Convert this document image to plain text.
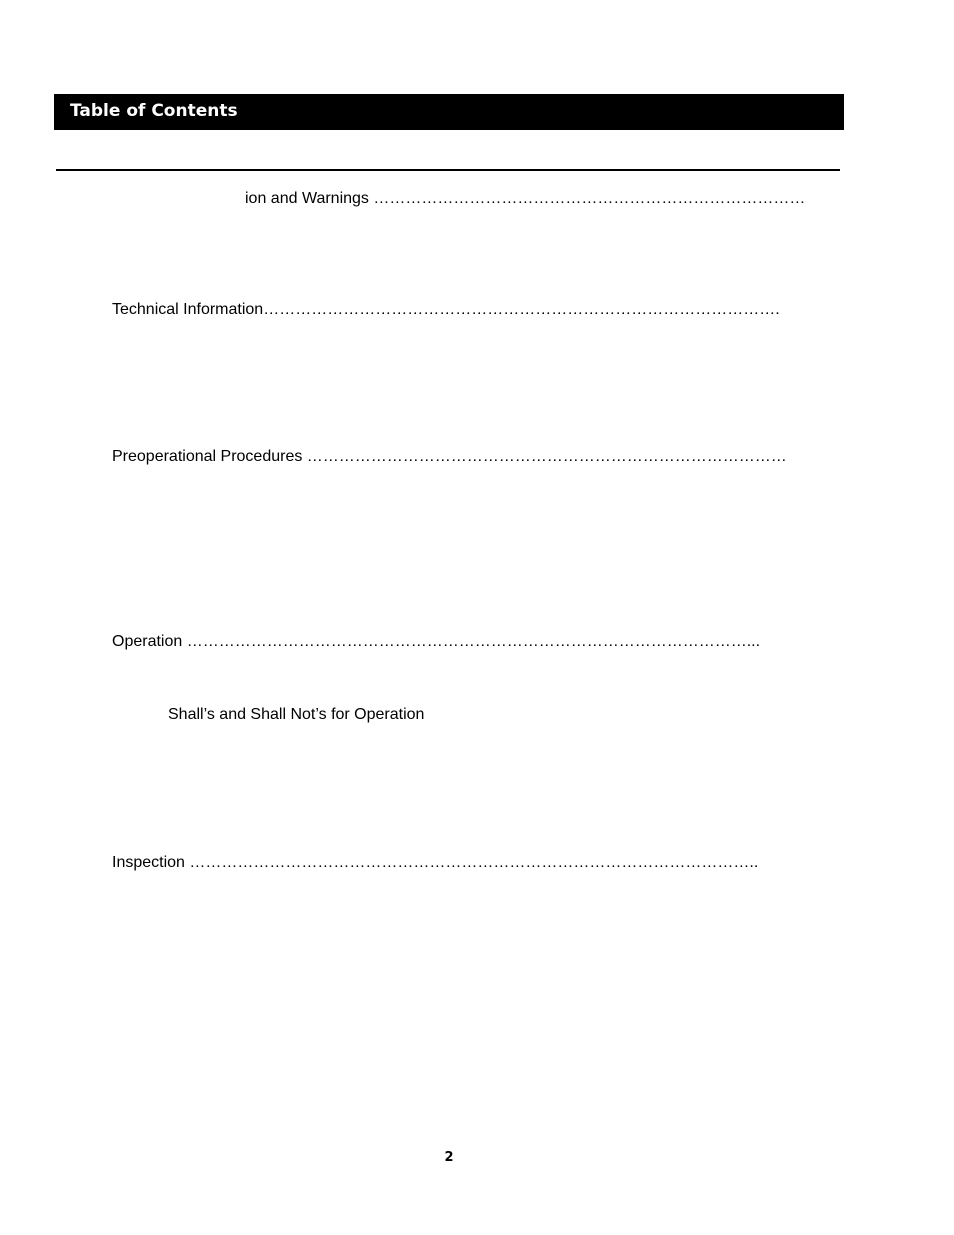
Table of Contents
ion and Warnings ………………………………………………………………………
Technical Information…………………………………………………………………………………….
Preoperational Procedures ………………………………………………………………………………
Operation ……………………………………………………………………………………………...
Shall’s and Shall Not’s for Operation
Inspection ……………………………………………………………………………………………..
2
